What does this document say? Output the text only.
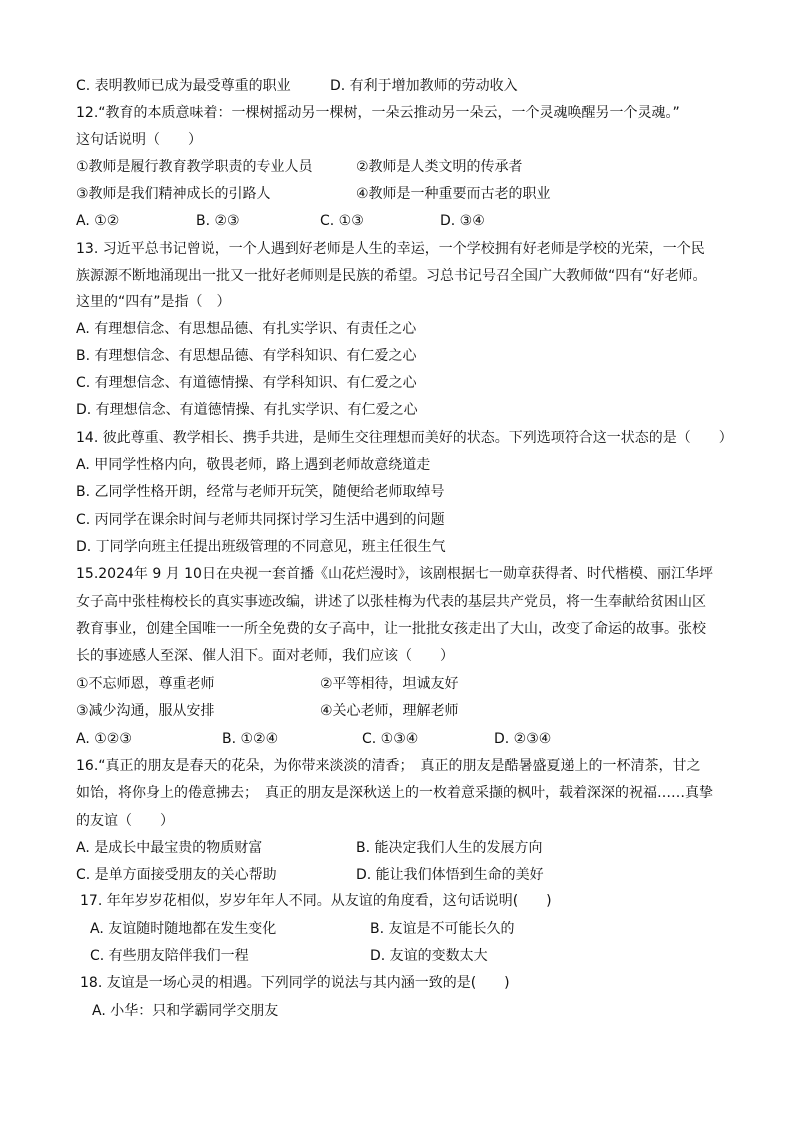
C. 表明教师已成为最受尊重的职业	D. 有利于增加教师的劳动收入
12.“教育的本质意味着：一棵树摇动另一棵树，一朵云推动另一朵云，一个灵魂唤醒另一个灵魂。”
这句话说明（　　）
①教师是履行教育教学职责的专业人员	②教师是人类文明的传承者
③教师是我们精神成长的引路人	④教师是一种重要而古老的职业
A. ①②	B. ②③	C. ①③	D. ③④
13. 习近平总书记曾说，一个人遇到好老师是人生的幸运，一个学校拥有好老师是学校的光荣，一个民
族源源不断地涌现出一批又一批好老师则是民族的希望。习总书记号召全国广大教师做“四有“好老师。
这里的“四有”是指（　）
A. 有理想信念、有思想品德、有扎实学识、有责任之心
B. 有理想信念、有思想品德、有学科知识、有仁爱之心
C. 有理想信念、有道德情操、有学科知识、有仁爱之心
D. 有理想信念、有道德情操、有扎实学识、有仁爱之心
14. 彼此尊重、教学相长、携手共进，是师生交往理想而美好的状态。下列选项符合这一状态的是（　　）
A. 甲同学性格内向，敬畏老师，路上遇到老师故意绕道走
B. 乙同学性格开朗，经常与老师开玩笑，随便给老师取绰号
C. 丙同学在课余时间与老师共同探讨学习生活中遇到的问题
D. 丁同学向班主任提出班级管理的不同意见，班主任很生气
15.2024年 9 月 10日在央视一套首播《山花烂漫时》，该剧根据七一勋章获得者、时代楷模、丽江华坪
女子高中张桂梅校长的真实事迹改编，讲述了以张桂梅为代表的基层共产党员，将一生奉献给贫困山区
教育事业，创建全国唯一一所全免费的女子高中，让一批批女孩走出了大山，改变了命运的故事。张校
长的事迹感人至深、催人泪下。面对老师，我们应该（　　）
①不忘师恩，尊重老师	②平等相待，坦诚友好
③减少沟通，服从安排	④关心老师，理解老师
A. ①②③	B. ①②④	C. ①③④	D. ②③④
16.“真正的朋友是春天的花朵，为你带来淡淡的清香；　真正的朋友是酷暑盛夏递上的一杯清茶，甘之
如饴，将你身上的倦意拂去；　真正的朋友是深秋送上的一枚着意采撷的枫叶，载着深深的祝福……真挚
的友谊（　　）
A. 是成长中最宝贵的物质财富	B. 能决定我们人生的发展方向
C. 是单方面接受朋友的关心帮助	D. 能让我们体悟到生命的美好
17. 年年岁岁花相似，岁岁年年人不同。从友谊的角度看，这句话说明(　　)
A. 友谊随时随地都在发生变化	B. 友谊是不可能长久的
C. 有些朋友陪伴我们一程	D. 友谊的变数太大
18. 友谊是一场心灵的相遇。下列同学的说法与其内涵一致的是(　　)
A. 小华：只和学霸同学交朋友
